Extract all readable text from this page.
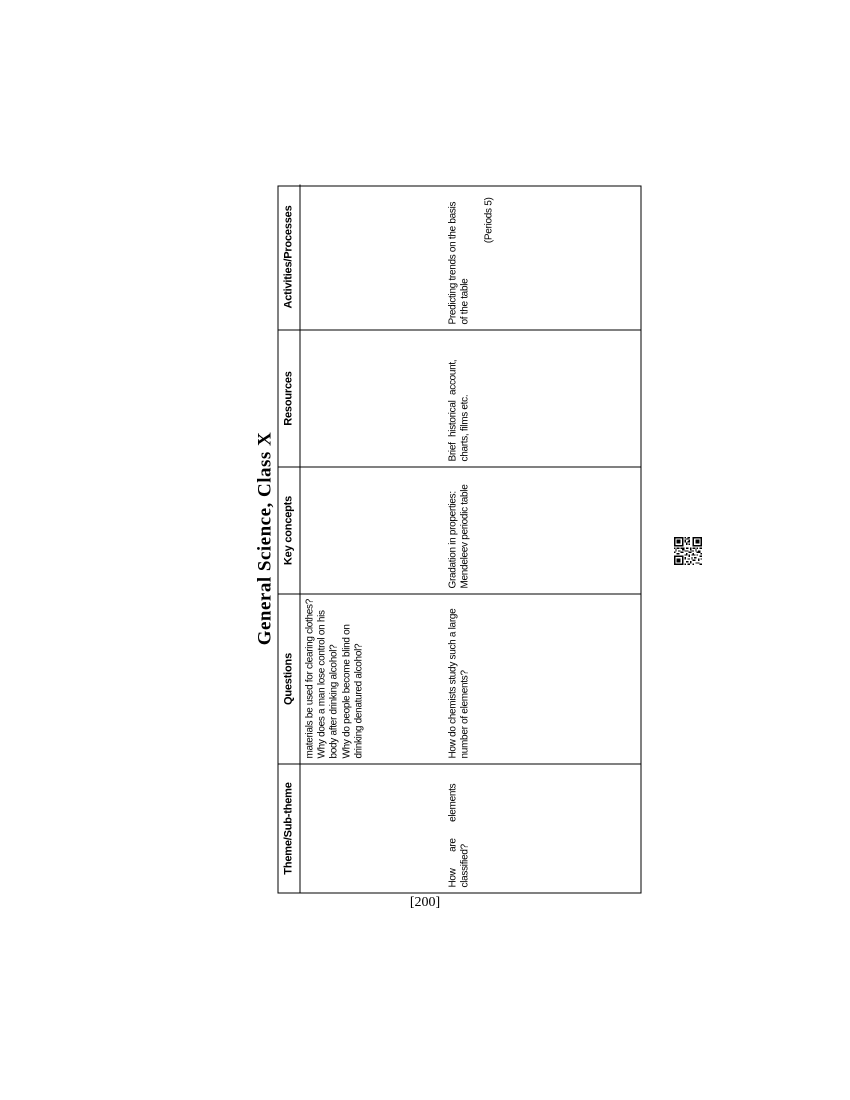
General Science, Class X
Theme/Sub-theme
Questions
Key concepts
Resources
Activities/Processes
materials be used for clearing clothes? Why does a man lose control on his body after drinking alcohol? Why do people become blind on drinking denatured alcohol?
How are elements classified?
How do chemists study such a large number of elements?
Gradation in properties: Mendeleev periodic table
Brief historical account, charts, films etc.
Predicting trends on the basis of the table
(Periods 5)
[200]
